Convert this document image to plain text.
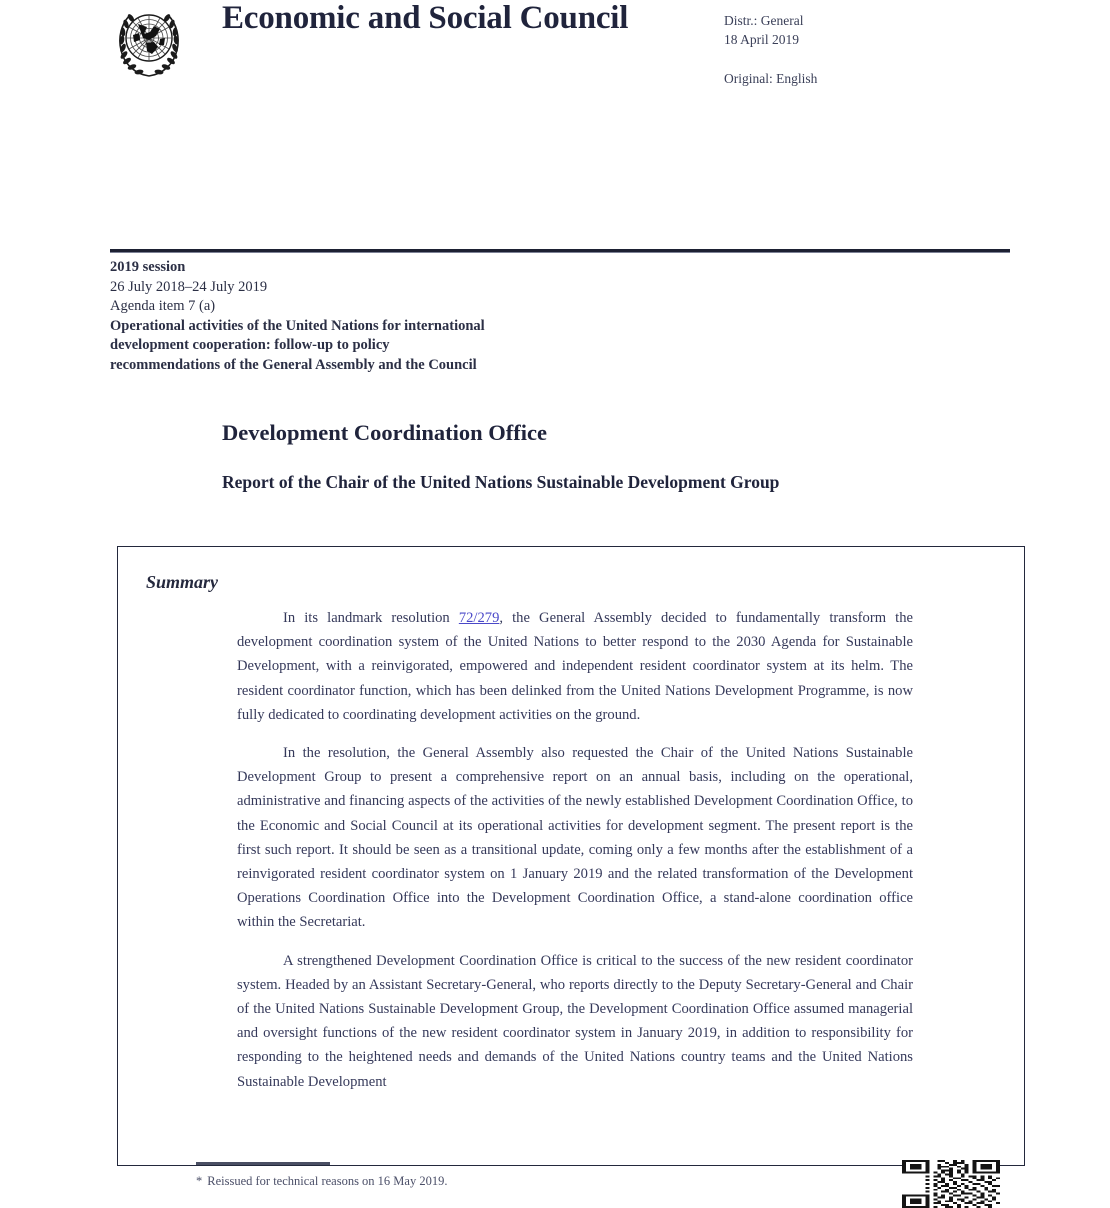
Economic and Social Council	Distr.: General
18 April 2019
Original: English
2019 session
26 July 2018–24 July 2019
Agenda item 7 (a)
Operational activities of the United Nations for international
development cooperation: follow-up to policy
recommendations of the General Assembly and the Council
Development Coordination Office
Report of the Chair of the United Nations Sustainable Development Group
Summary

In its landmark resolution 72/279, the General Assembly decided to fundamentally transform the development coordination system of the United Nations to better respond to the 2030 Agenda for Sustainable Development, with a reinvigorated, empowered and independent resident coordinator system at its helm. The resident coordinator function, which has been delinked from the United Nations Development Programme, is now fully dedicated to coordinating development activities on the ground.

In the resolution, the General Assembly also requested the Chair of the United Nations Sustainable Development Group to present a comprehensive report on an annual basis, including on the operational, administrative and financing aspects of the activities of the newly established Development Coordination Office, to the Economic and Social Council at its operational activities for development segment. The present report is the first such report. It should be seen as a transitional update, coming only a few months after the establishment of a reinvigorated resident coordinator system on 1 January 2019 and the related transformation of the Development Operations Coordination Office into the Development Coordination Office, a stand-alone coordination office within the Secretariat.

A strengthened Development Coordination Office is critical to the success of the new resident coordinator system. Headed by an Assistant Secretary-General, who reports directly to the Deputy Secretary-General and Chair of the United Nations Sustainable Development Group, the Development Coordination Office assumed managerial and oversight functions of the new resident coordinator system in January 2019, in addition to responsibility for responding to the heightened needs and demands of the United Nations country teams and the United Nations Sustainable Development

* Reissued for technical reasons on 16 May 2019.
